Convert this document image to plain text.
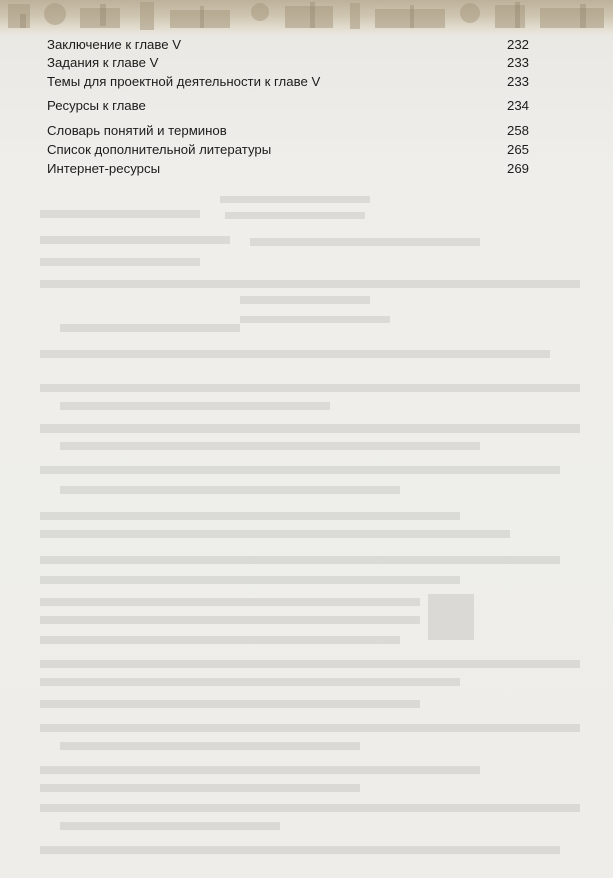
Заключение к главе V	232
Задания к главе V	233
Темы для проектной деятельности к главе V	233
Ресурсы к главе	234
Словарь понятий и терминов	258
Список дополнительной литературы	265
Интернет-ресурсы	269
